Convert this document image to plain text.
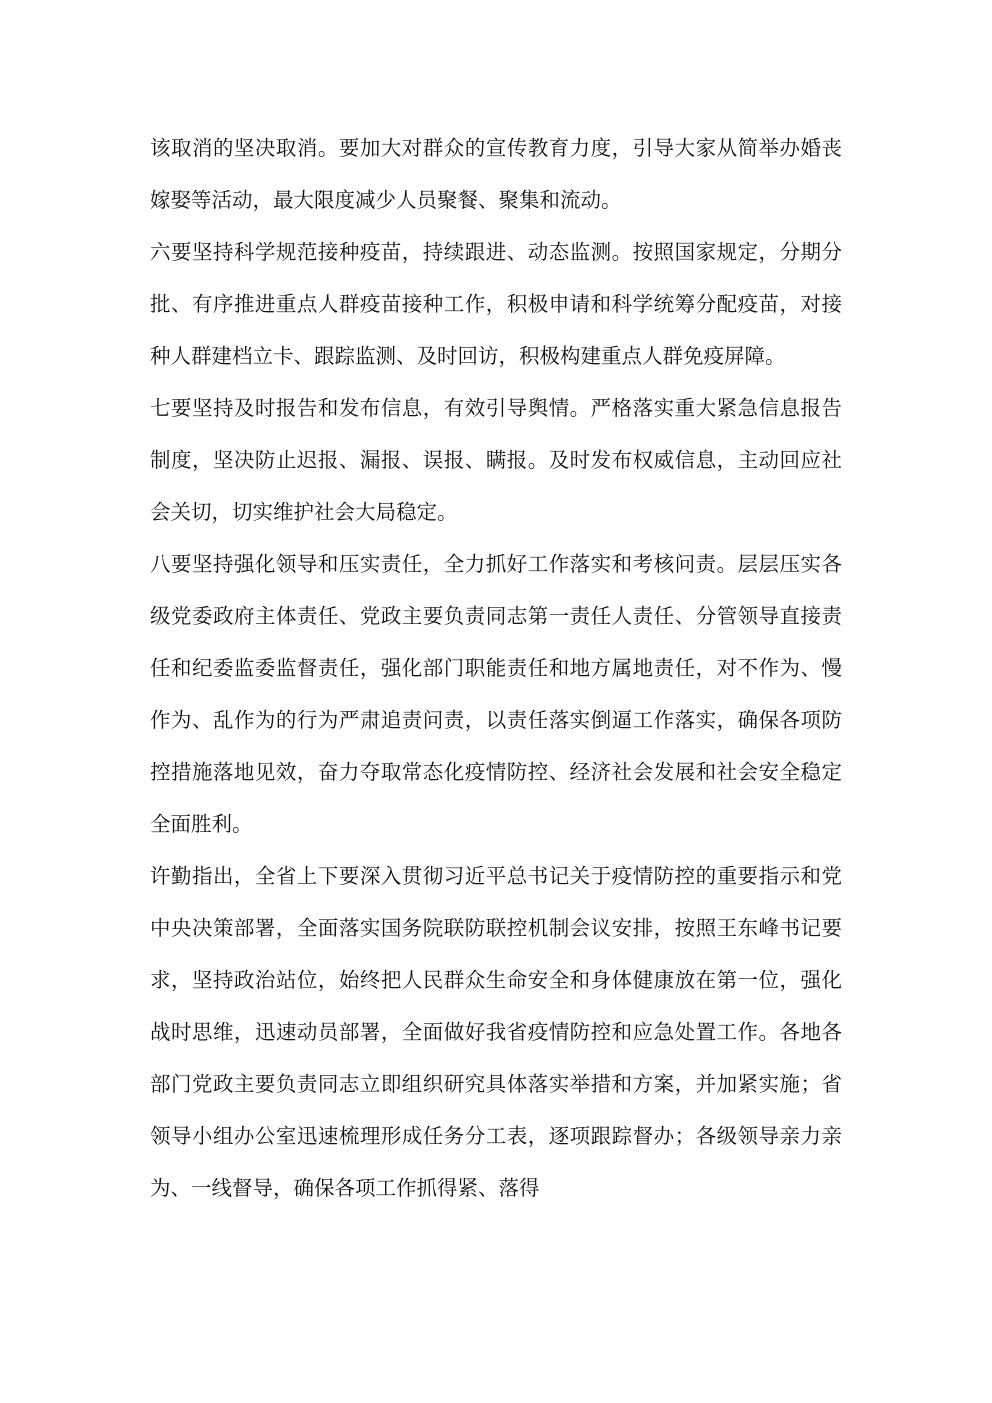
该取消的坚决取消。要加大对群众的宣传教育力度，引导大家从简举办婚丧嫁娶等活动，最大限度减少人员聚餐、聚集和流动。

六要坚持科学规范接种疫苗，持续跟进、动态监测。按照国家规定，分期分批、有序推进重点人群疫苗接种工作，积极申请和科学统筹分配疫苗，对接种人群建档立卡、跟踪监测、及时回访，积极构建重点人群免疫屏障。

七要坚持及时报告和发布信息，有效引导舆情。严格落实重大紧急信息报告制度，坚决防止迟报、漏报、误报、瞒报。及时发布权威信息，主动回应社会关切，切实维护社会大局稳定。

八要坚持强化领导和压实责任，全力抓好工作落实和考核问责。层层压实各级党委政府主体责任、党政主要负责同志第一责任人责任、分管领导直接责任和纪委监委监督责任，强化部门职能责任和地方属地责任，对不作为、慢作为、乱作为的行为严肃追责问责，以责任落实倒逼工作落实，确保各项防控措施落地见效，奋力夺取常态化疫情防控、经济社会发展和社会安全稳定全面胜利。

许勤指出，全省上下要深入贯彻习近平总书记关于疫情防控的重要指示和党中央决策部署，全面落实国务院联防联控机制会议安排，按照王东峰书记要求，坚持政治站位，始终把人民群众生命安全和身体健康放在第一位，强化战时思维，迅速动员部署，全面做好我省疫情防控和应急处置工作。各地各部门党政主要负责同志立即组织研究具体落实举措和方案，并加紧实施；省领导小组办公室迅速梳理形成任务分工表，逐项跟踪督办；各级领导亲力亲为、一线督导，确保各项工作抓得紧、落得
